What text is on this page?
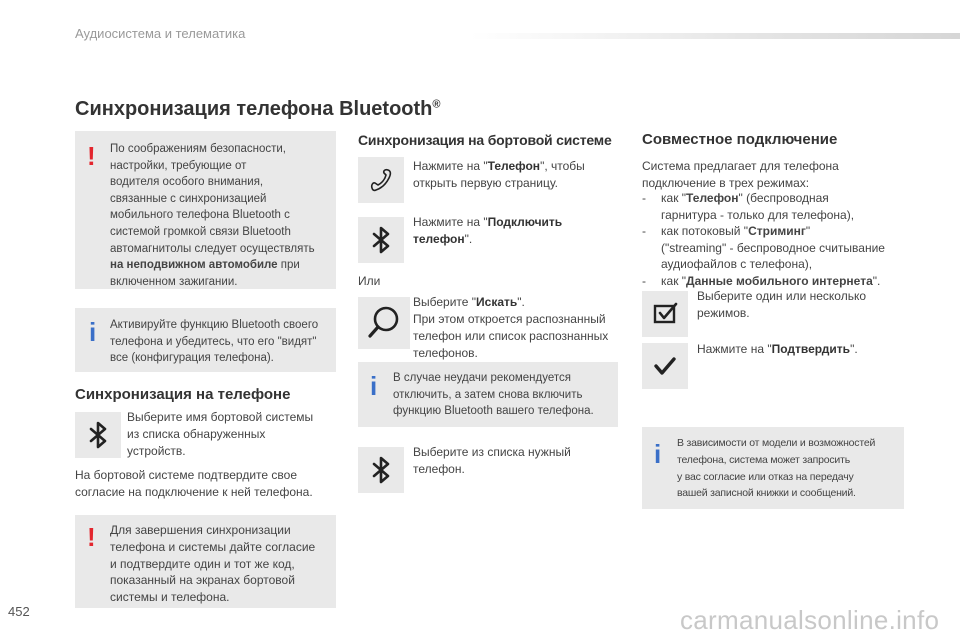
Аудиосистема и телематика
Синхронизация телефона Bluetooth®
! По соображениям безопасности,
настройки, требующие от
водителя особого внимания,
связанные с синхронизацией
мобильного телефона Bluetooth с
системой громкой связи Bluetooth
автомагнитолы следует осуществлять
на неподвижном автомобиле при
включенном зажигании.
i Активируйте функцию Bluetooth своего
телефона и убедитесь, что его "видят"
все (конфигурация телефона).
Синхронизация на телефоне
Выберите имя бортовой системы
из списка обнаруженных
устройств.
На бортовой системе подтвердите свое
согласие на подключение к ней телефона.
! Для завершения синхронизации
телефона и системы дайте согласие
и подтвердите один и тот же код,
показанный на экранах бортовой
системы и телефона.
Синхронизация на бортовой системе
Нажмите на "Телефон", чтобы
открыть первую страницу.
Нажмите на "Подключить
телефон".
Или
Выберите "Искать".
При этом откроется распознанный
телефон или список распознанных
телефонов.
i В случае неудачи рекомендуется
отключить, а затем снова включить
функцию Bluetooth вашего телефона.
Выберите из списка нужный
телефон.
Совместное подключение
Система предлагает для телефона
подключение в трех режимах:
-	как "Телефон" (беспроводная
гарнитура - только для телефона),
-	как потоковый "Стриминг"
("streaming" - беспроводное считывание
аудиофайлов с телефона),
-	как "Данные мобильного интернета".
Выберите один или несколько
режимов.
Нажмите на "Подтвердить".
i В зависимости от модели и возможностей
телефона, система может запросить
у вас согласие или отказ на передачу
вашей записной книжки и сообщений.
452	carmanualsonline.info
